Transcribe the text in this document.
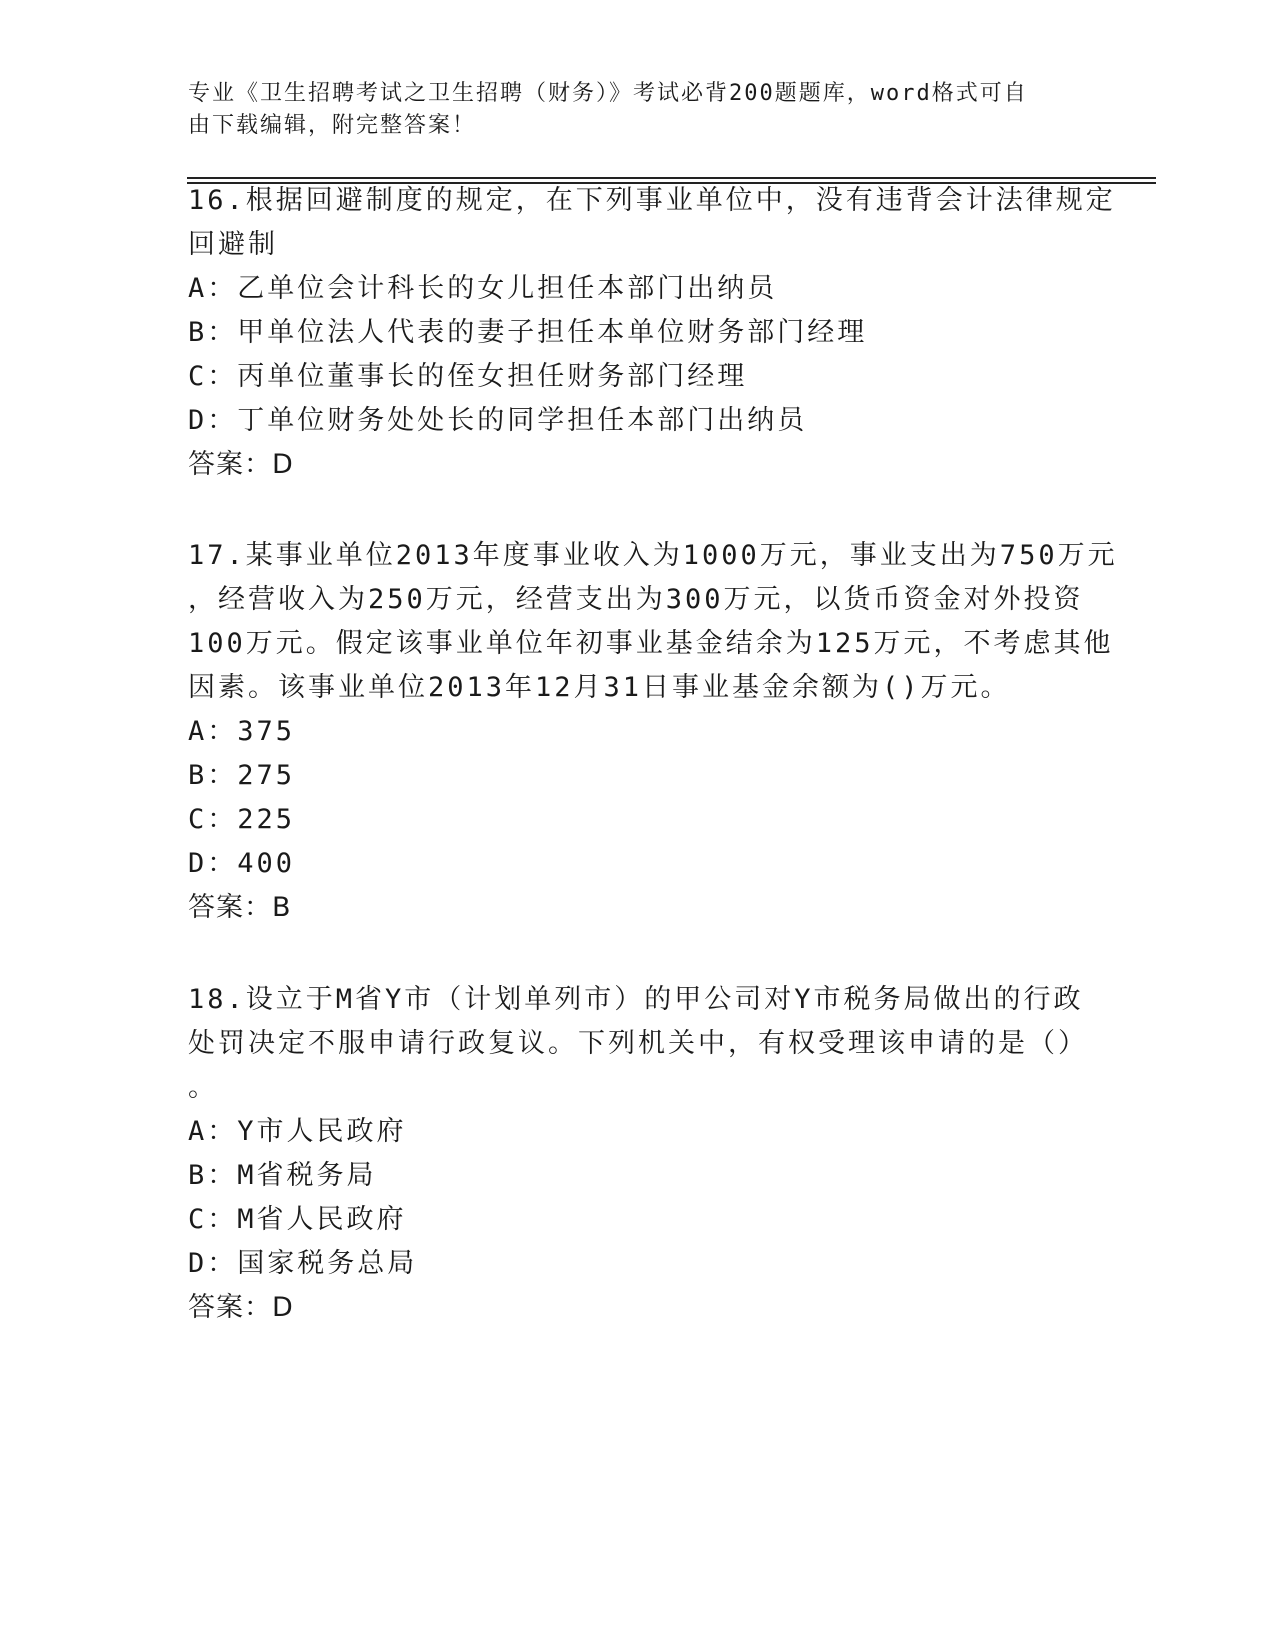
专业《卫生招聘考试之卫生招聘（财务）》考试必背200题题库，word格式可自
由下载编辑，附完整答案！
16.根据回避制度的规定，在下列事业单位中，没有违背会计法律规定
回避制
A：乙单位会计科长的女儿担任本部门出纳员
B：甲单位法人代表的妻子担任本单位财务部门经理
C：丙单位董事长的侄女担任财务部门经理
D：丁单位财务处处长的同学担任本部门出纳员
答案：D
17.某事业单位2013年度事业收入为1000万元，事业支出为750万元
，经营收入为250万元，经营支出为300万元，以货币资金对外投资
100万元。假定该事业单位年初事业基金结余为125万元，不考虑其他
因素。该事业单位2013年12月31日事业基金余额为()万元。
A：375
B：275
C：225
D：400
答案：B
18.设立于M省Y市（计划单列市）的甲公司对Y市税务局做出的行政
处罚决定不服申请行政复议。下列机关中，有权受理该申请的是（）
。
A：Y市人民政府
B：M省税务局
C：M省人民政府
D：国家税务总局
答案：D
